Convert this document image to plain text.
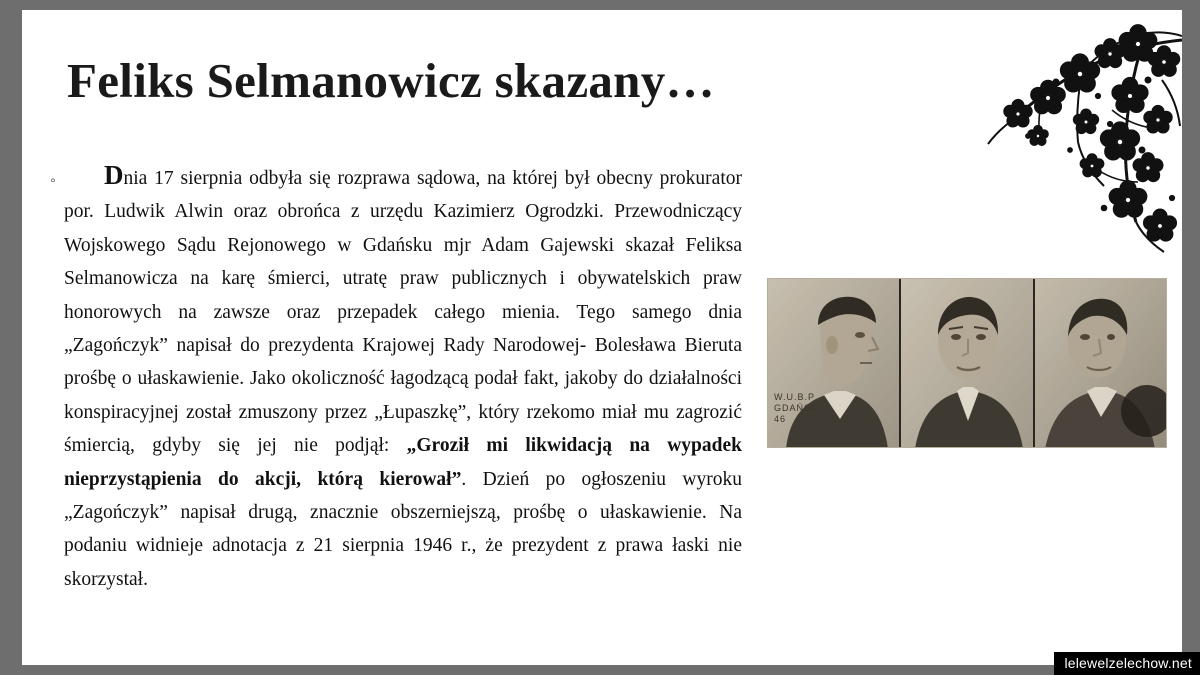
Feliks Selmanowicz skazany…
◦	Dnia 17 sierpnia odbyła się rozprawa sądowa, na której był obecny prokurator por. Ludwik Alwin oraz obrońca z urzędu Kazimierz Ogrodzki. Przewodniczący Wojskowego Sądu Rejonowego w Gdańsku mjr Adam Gajewski skazał Feliksa Selmanowicza na karę śmierci, utratę praw publicznych i obywatelskich praw honorowych na zawsze oraz przepadek całego mienia. Tego samego dnia „Zagończyk” napisał do prezydenta Krajowej Rady Narodowej- Bolesława Bieruta prośbę o ułaskawienie. Jako okoliczność łagodzącą podał fakt, jakoby do działalności konspiracyjnej został zmuszony przez „Łupaszkę”, który rzekomo miał mu zagrozić śmiercią, gdyby się jej nie podjął: „Groził mi likwidacją na wypadek nieprzystąpienia do akcji, którą kierował”. Dzień po ogłoszeniu wyroku „Zagończyk” napisał drugą, znacznie obszerniejszą, prośbę o ułaskawienie. Na podaniu widnieje adnotacja z 21 sierpnia 1946 r., że prezydent z prawa łaski nie skorzystał.
W.U.B.P
GDAŃSK
46
lelewelzelechow.net
